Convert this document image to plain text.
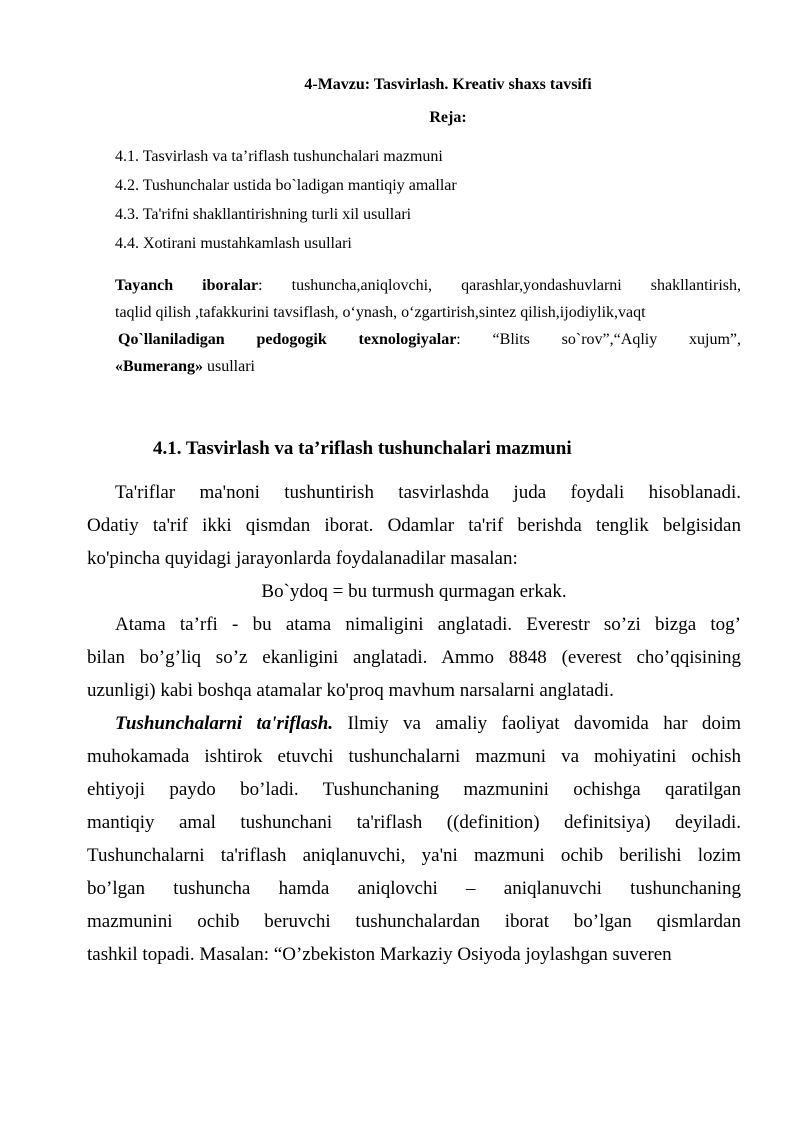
4-Mavzu: Tasvirlash. Kreativ shaxs tavsifi
Reja:
4.1. Tasvirlash va ta’riflash tushunchalari mazmuni
4.2. Tushunchalar ustida bo`ladigan mantiqiy amallar
4.3. Ta'rifni shakllantirishning turli xil usullari
4.4. Xotirani mustahkamlash usullari
Tayanch iboralar: tushuncha,aniqlovchi, qarashlar,yondashuvlarni shakllantirish,
taqlid qilish ,tafakkurini tavsiflash, o‘ynash, o‘zgartirish,sintez qilish,ijodiylik,vaqt
Qo`llaniladigan pedogogik texnologiyalar: “Blits so`rov”,“Aqliy xujum”,
«Bumerang» usullari
4.1. Tasvirlash va ta’riflash tushunchalari mazmuni
Ta'riflar ma'noni tushuntirish tasvirlashda juda foydali hisoblanadi.
Odatiy ta'rif ikki qismdan iborat. Odamlar ta'rif berishda tenglik belgisidan
ko'pincha quyidagi jarayonlarda foydalanadilar masalan:
Bo`ydoq = bu turmush qurmagan erkak.
Atama ta’rfi - bu atama nimaligini anglatadi. Everestr so’zi bizga tog’
bilan bo’g’liq so’z ekanligini anglatadi. Ammo 8848 (everest cho’qqisining
uzunligi) kabi boshqa atamalar ko'proq mavhum narsalarni anglatadi.
Tushunchalarni ta'riflash. Ilmiy va amaliy faoliyat davomida har doim
muhokamada ishtirok etuvchi tushunchalarni mazmuni va mohiyatini ochish
ehtiyoji paydo bo’ladi. Tushunchaning mazmunini ochishga qaratilgan
mantiqiy amal tushunchani ta'riflash ((definition) definitsiya) deyiladi.
Tushunchalarni ta'riflash aniqlanuvchi, ya'ni mazmuni ochib berilishi lozim
bo’lgan tushuncha hamda aniqlovchi – aniqlanuvchi tushunchaning
mazmunini ochib beruvchi tushunchalardan iborat bo’lgan qismlardan
tashkil topadi. Masalan: “O’zbekiston Markaziy Osiyoda joylashgan suveren
